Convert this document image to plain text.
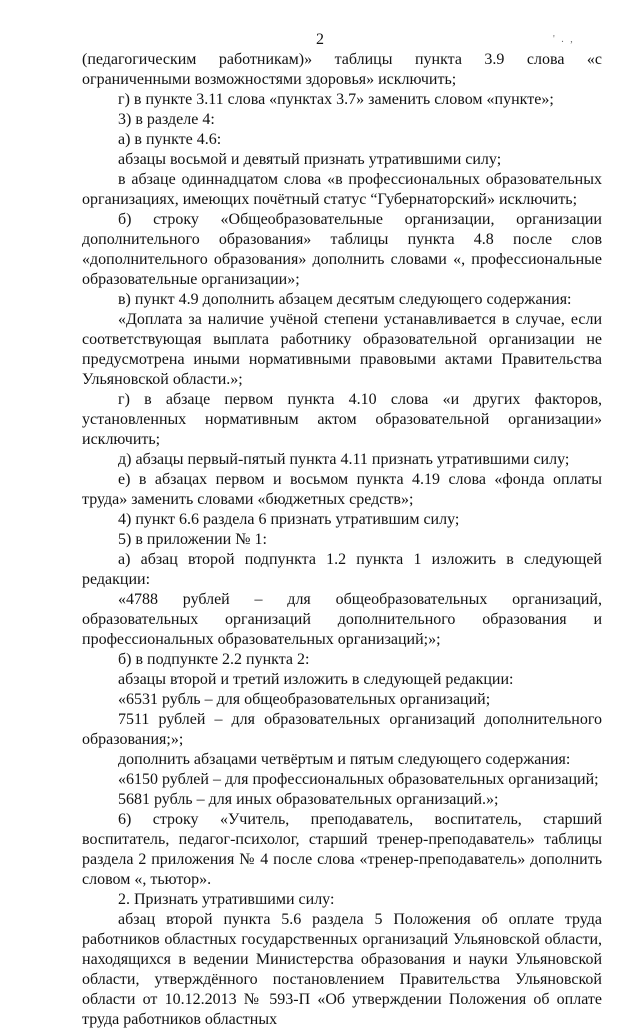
2	' . ,

(педагогическим работникам)» таблицы пункта 3.9 слова «с ограниченными возможностями здоровья» исключить;

г) в пункте 3.11 слова «пунктах 3.7» заменить словом «пункте»;

3) в разделе 4:

а) в пункте 4.6:

абзацы восьмой и девятый признать утратившими силу;

в абзаце одиннадцатом слова «в профессиональных образовательных организациях, имеющих почётный статус “Губернаторский» исключить;

б) строку «Общеобразовательные организации, организации дополнительного образования» таблицы пункта 4.8 после слов «дополнительного образования» дополнить словами «, профессиональные образовательные организации»;

в) пункт 4.9 дополнить абзацем десятым следующего содержания:

«Доплата за наличие учёной степени устанавливается в случае, если соответствующая выплата работнику образовательной организации не предусмотрена иными нормативными правовыми актами Правительства Ульяновской области.»;

г) в абзаце первом пункта 4.10 слова «и других факторов, установленных нормативным актом образовательной организации» исключить;

д) абзацы первый-пятый пункта 4.11 признать утратившими силу;

е) в абзацах первом и восьмом пункта 4.19 слова «фонда оплаты труда» заменить словами «бюджетных средств»;

4) пункт 6.6 раздела 6 признать утратившим силу;

5) в приложении № 1:

а) абзац второй подпункта 1.2 пункта 1 изложить в следующей редакции:

«4788 рублей – для общеобразовательных организаций, образовательных организаций дополнительного образования и профессиональных образовательных организаций;»;

б) в подпункте 2.2 пункта 2:

абзацы второй и третий изложить в следующей редакции:

«6531 рубль – для общеобразовательных организаций;

7511 рублей – для образовательных организаций дополнительного образования;»;

дополнить абзацами четвёртым и пятым следующего содержания:

«6150 рублей – для профессиональных образовательных организаций;

5681 рубль – для иных образовательных организаций.»;

6) строку «Учитель, преподаватель, воспитатель, старший воспитатель, педагог-психолог, старший тренер-преподаватель» таблицы раздела 2 приложения № 4 после слова «тренер-преподаватель» дополнить словом «, тьютор».

2. Признать утратившими силу:

абзац второй пункта 5.6 раздела 5 Положения об оплате труда работников областных государственных организаций Ульяновской области, находящихся в ведении Министерства образования и науки Ульяновской области, утверждённого постановлением Правительства Ульяновской области от 10.12.2013 № 593-П «Об утверждении Положения об оплате труда работников областных
